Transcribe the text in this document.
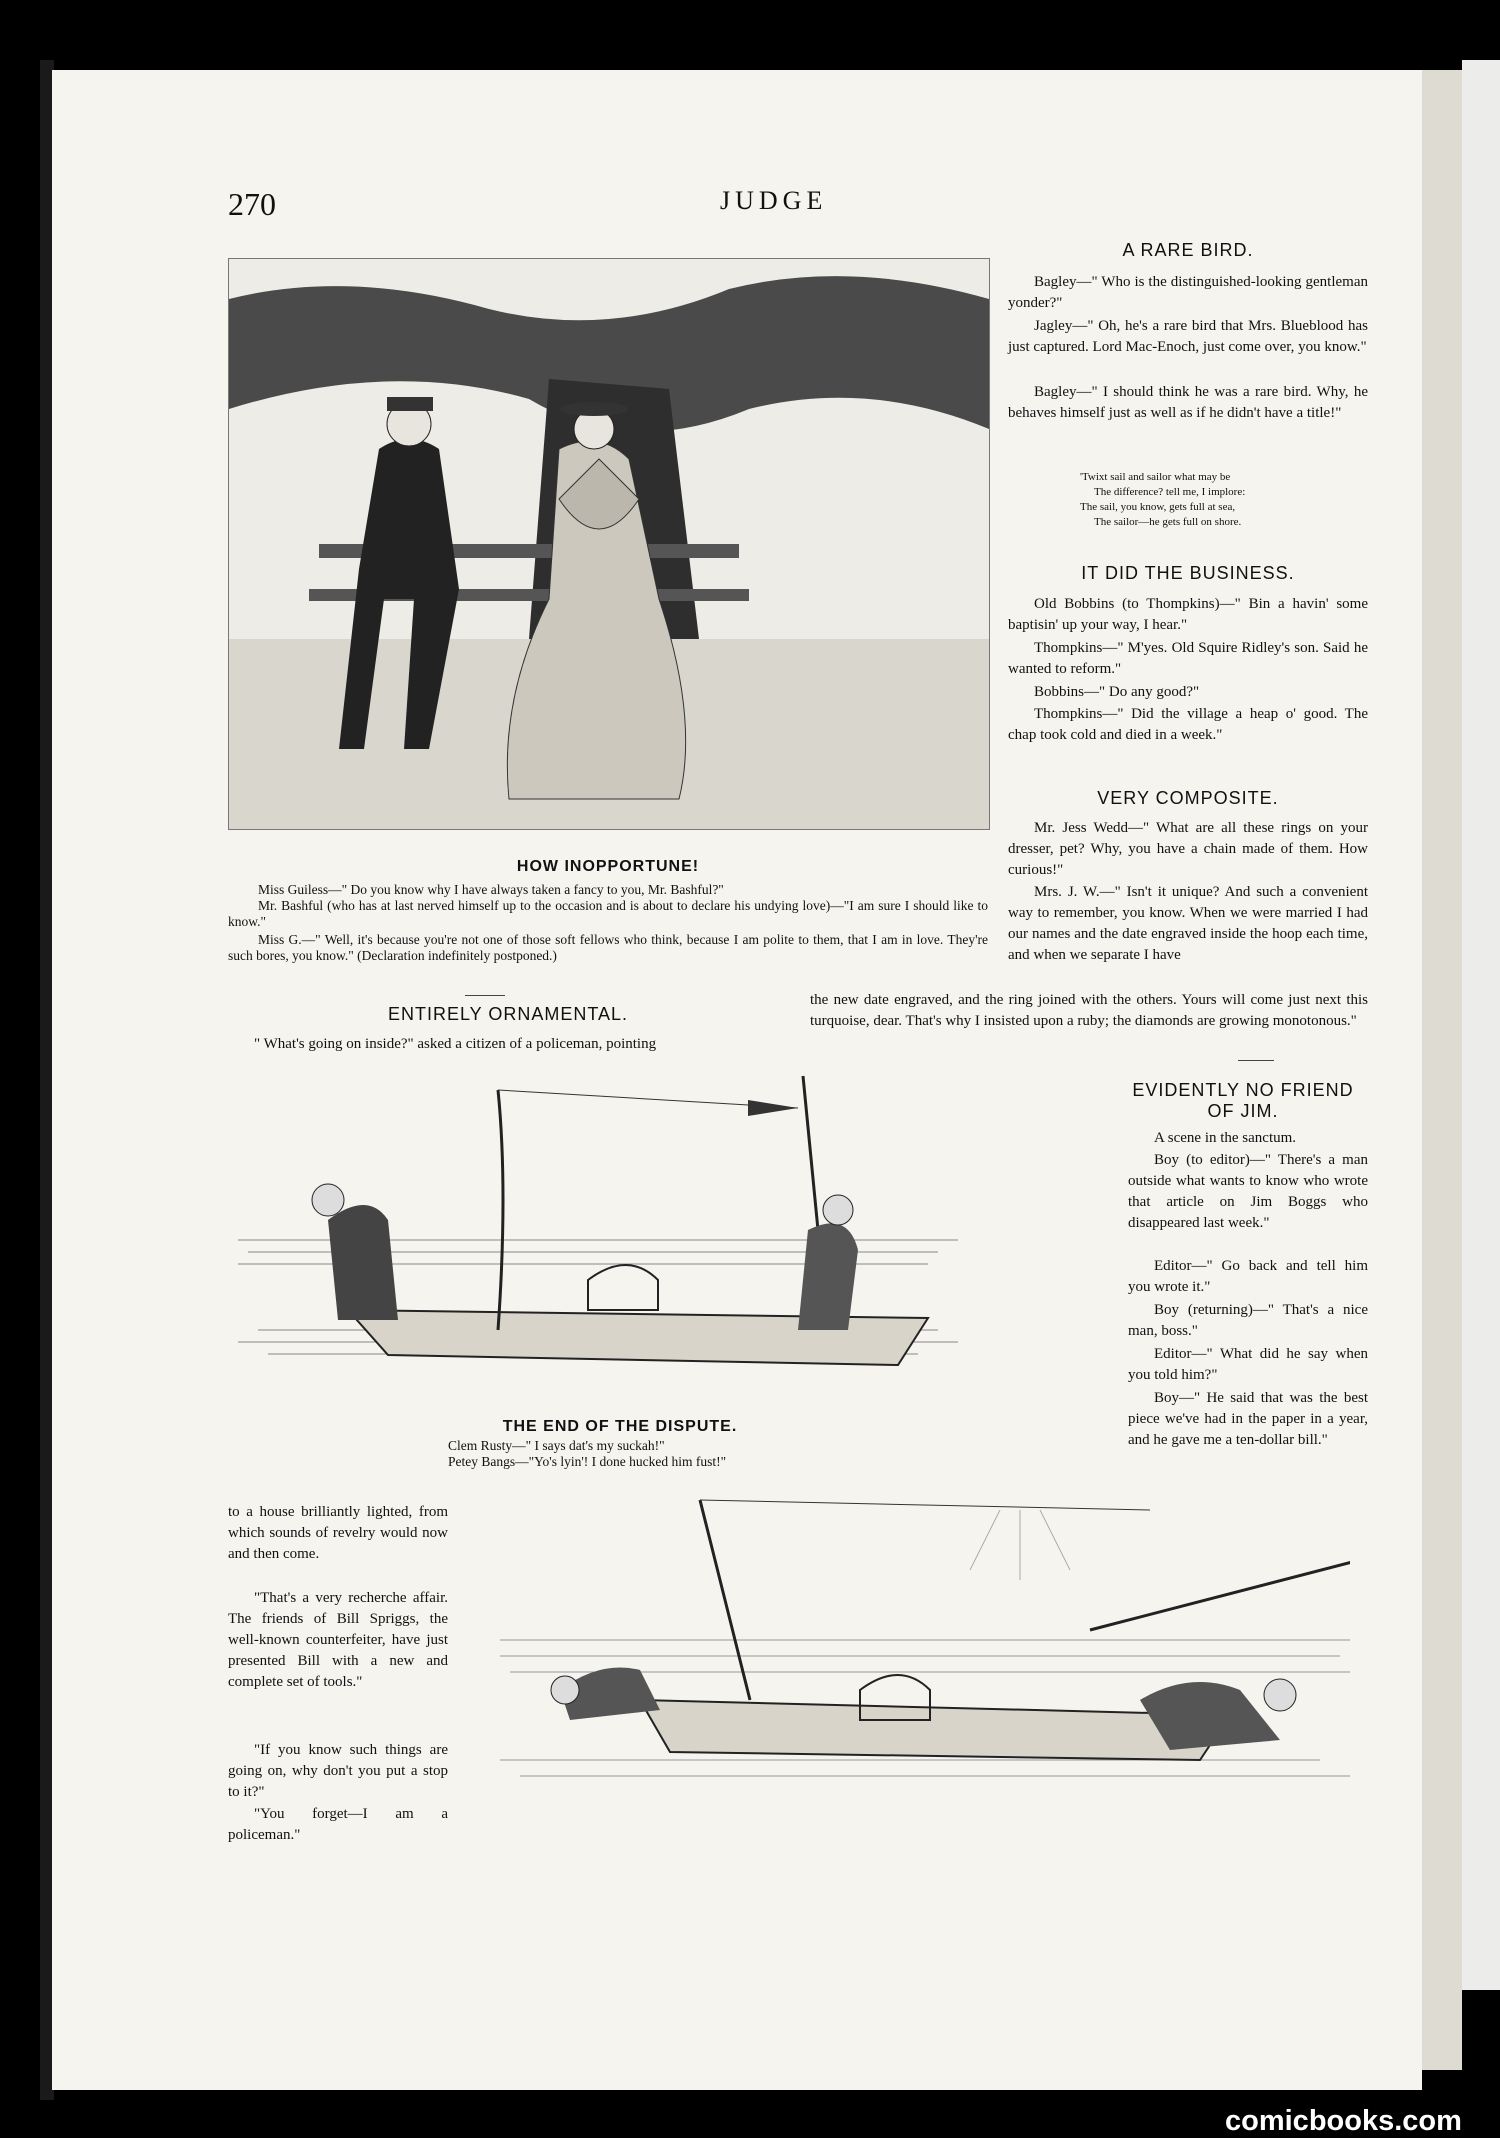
270	JUDGE

HOW INOPPORTUNE!

Miss Guiless—" Do you know why I have always taken a fancy to you, Mr. Bashful?"

Mr. Bashful (who has at last nerved himself up to the occasion and is about to declare his undying love)—"I am sure I should like to know."

Miss G.—" Well, it's because you're not one of those soft fellows who think, because I am polite to them, that I am in love. They're such bores, you know." (Declaration indefinitely postponed.)

A RARE BIRD.

Bagley—" Who is the distinguished-looking gentleman yonder?"

Jagley—" Oh, he's a rare bird that Mrs. Blueblood has just captured. Lord Mac-Enoch, just come over, you know."

Bagley—" I should think he was a rare bird. Why, he behaves himself just as well as if he didn't have a title!"

'Twixt sail and sailor what may be
The difference? tell me, I implore:
The sail, you know, gets full at sea,
The sailor—he gets full on shore.

IT DID THE BUSINESS.

Old Bobbins (to Thompkins)—" Bin a havin' some baptisin' up your way, I hear."

Thompkins—" M'yes. Old Squire Ridley's son. Said he wanted to reform."

Bobbins—" Do any good?"

Thompkins—" Did the village a heap o' good. The chap took cold and died in a week."

VERY COMPOSITE.

Mr. Jess Wedd—" What are all these rings on your dresser, pet? Why, you have a chain made of them. How curious!"

Mrs. J. W.—" Isn't it unique? And such a convenient way to remember, you know. When we were married I had our names and the date engraved inside the hoop each time, and when we separate I have

the new date engraved, and the ring joined with the others. Yours will come just next this turquoise, dear. That's why I insisted upon a ruby; the diamonds are growing monotonous."

ENTIRELY ORNAMENTAL.

" What's going on inside?" asked a citizen of a policeman, pointing

THE END OF THE DISPUTE.

Clem Rusty—" I says dat's my suckah!"

Petey Bangs—"Yo's lyin'! I done hucked him fust!"

EVIDENTLY NO FRIEND OF JIM.

A scene in the sanctum.

Boy (to editor)—" There's a man outside what wants to know who wrote that article on Jim Boggs who disappeared last week."

Editor—" Go back and tell him you wrote it."

Boy (returning)—" That's a nice man, boss."

Editor—" What did he say when you told him?"

Boy—" He said that was the best piece we've had in the paper in a year, and he gave me a ten-dollar bill."

to a house brilliantly lighted, from which sounds of revelry would now and then come.

"That's a very recherche affair. The friends of Bill Spriggs, the well-known counterfeiter, have just presented Bill with a new and complete set of tools."

"If you know such things are going on, why don't you put a stop to it?"

"You forget—I am a policeman."

comicbooks.com
